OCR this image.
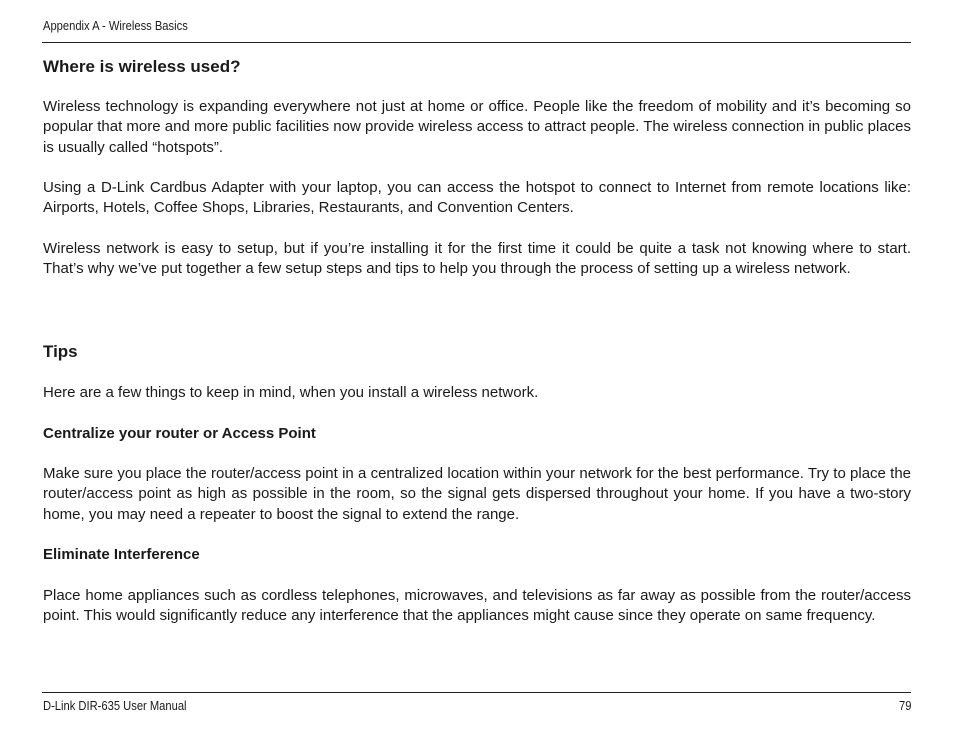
Appendix A - Wireless Basics
Where is wireless used?
Wireless technology is expanding everywhere not just at home or office. People like the freedom of mobility and it’s becoming so popular that more and more public facilities now provide wireless access to attract people. The wireless connection in public places is usually called “hotspots”.
Using a D-Link Cardbus Adapter with your laptop, you can access the hotspot to connect to Internet from remote locations like: Airports, Hotels, Coffee Shops, Libraries, Restaurants, and Convention Centers.
Wireless network is easy to setup, but if you’re installing it for the first time it could be quite a task not knowing where to start. That’s why we’ve put together a few setup steps and tips to help you through the process of setting up a wireless network.
Tips
Here are a few things to keep in mind, when you install a wireless network.
Centralize your router or Access Point
Make sure you place the router/access point in a centralized location within your network for the best performance. Try to place the router/access point as high as possible in the room, so the signal gets dispersed throughout your home. If you have a two-story home, you may need a repeater to boost the signal to extend the range.
Eliminate Interference
Place home appliances such as cordless telephones, microwaves, and televisions as far away as possible from the router/access point. This would significantly reduce any interference that the appliances might cause since they operate on same frequency.
D-Link DIR-635 User Manual	79
